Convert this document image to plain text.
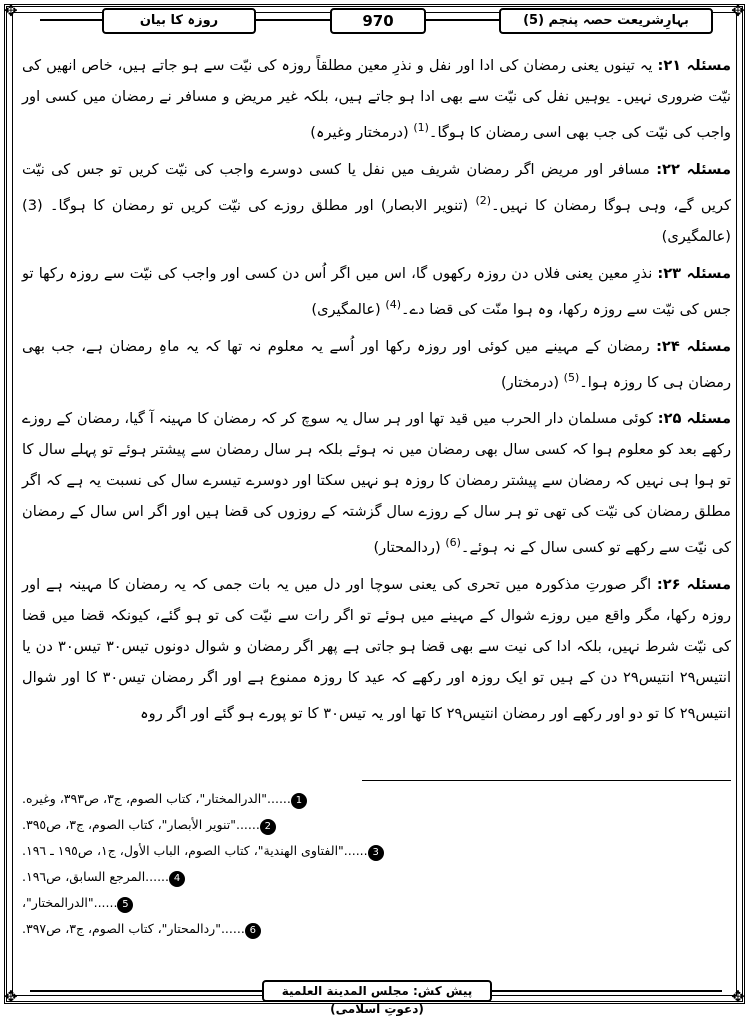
✥	✥
✥	✥
روزہ کا بیان	970	بہارِشریعت حصہ پنجم (5)

مسئلہ ۲۱: یہ تینوں یعنی رمضان کی ادا اور نفل و نذرِ معین مطلقاً روزہ کی نیّت سے ہو جاتے ہیں، خاص انھیں کی نیّت ضروری نہیں۔ یوہیں نفل کی نیّت سے بھی ادا ہو جاتے ہیں، بلکہ غیر مریض و مسافر نے رمضان میں کسی اور واجب کی نیّت کی جب بھی اسی رمضان کا ہوگا۔$^{(1)}$ (درمختار وغیرہ)

مسئلہ ۲۲: مسافر اور مریض اگر رمضان شریف میں نفل یا کسی دوسرے واجب کی نیّت کریں تو جس کی نیّت کریں گے، وہی ہوگا رمضان کا نہیں۔$^{(2)}$ (تنویر الابصار) اور مطلق روزے کی نیّت کریں تو رمضان کا ہوگا۔ (3) (عالمگیری)

مسئلہ ۲۳: نذرِ معین یعنی فلاں دن روزہ رکھوں گا، اس میں اگر اُس دن کسی اور واجب کی نیّت سے روزہ رکھا تو جس کی نیّت سے روزہ رکھا، وہ ہوا منّت کی قضا دے۔$^{(4)}$ (عالمگیری)

مسئلہ ۲۴: رمضان کے مہینے میں کوئی اور روزہ رکھا اور اُسے یہ معلوم نہ تھا کہ یہ ماہِ رمضان ہے، جب بھی رمضان ہی کا روزہ ہوا۔$^{(5)}$ (درمختار)

مسئلہ ۲۵: کوئی مسلمان دار الحرب میں قید تھا اور ہر سال یہ سوچ کر کہ رمضان کا مہینہ آ گیا، رمضان کے روزے رکھے بعد کو معلوم ہوا کہ کسی سال بھی رمضان میں نہ ہوئے بلکہ ہر سال رمضان سے پیشتر ہوئے تو پہلے سال کا تو ہوا ہی نہیں کہ رمضان سے پیشتر رمضان کا روزہ ہو نہیں سکتا اور دوسرے تیسرے سال کی نسبت یہ ہے کہ اگر مطلق رمضان کی نیّت کی تھی تو ہر سال کے روزے سال گزشتہ کے روزوں کی قضا ہیں اور اگر اس سال کے رمضان کی نیّت سے رکھے تو کسی سال کے نہ ہوئے۔$^{(6)}$ (ردالمحتار)

مسئلہ ۲۶: اگر صورتِ مذکورہ میں تحری کی یعنی سوچا اور دل میں یہ بات جمی کہ یہ رمضان کا مہینہ ہے اور روزہ رکھا، مگر واقع میں روزے شوال کے مہینے میں ہوئے تو اگر رات سے نیّت کی تو ہو گئے، کیونکہ قضا میں قضا کی نیّت شرط نہیں، بلکہ ادا کی نیت سے بھی قضا ہو جاتی ہے پھر اگر رمضان و شوال دونوں تیس۳۰ تیس۳۰ دن یا انتیس۲۹ انتیس۲۹ دن کے ہیں تو ایک روزہ اور رکھے کہ عید کا روزہ ممنوع ہے اور اگر رمضان تیس۳۰ کا اور شوال انتیس۲۹ کا تو دو اور رکھے اور رمضان انتیس۲۹ کا تھا اور یہ تیس۳۰ کا تو پورے ہو گئے اور اگر روہ

1......"الدرالمختار"، كتاب الصوم، ج٣، ص٣٩٣، وغيره.
2......"تنوير الأبصار"، كتاب الصوم، ج٣، ص٣٩٥.
3......"الفتاوى الهندية"، كتاب الصوم، الباب الأول، ج١، ص١٩٥ ـ ١٩٦.
4......المرجع السابق، ص١٩٦.
5......"الدرالمختار"،
6......"ردالمحتار"، كتاب الصوم، ج٣، ص٣٩٧.
پیش کش: مجلس المدينة العلمية (دعوتِ اسلامی)
